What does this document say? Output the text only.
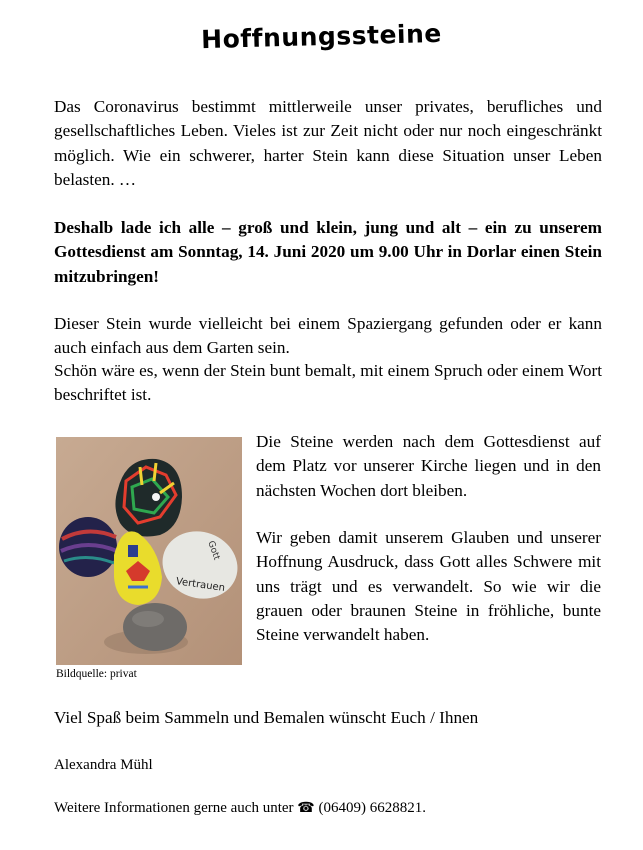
Hoffnungssteine
Das Coronavirus bestimmt mittlerweile unser privates, berufliches und gesellschaftliches Leben. Vieles ist zur Zeit nicht oder nur noch eingeschränkt möglich. Wie ein schwerer, harter Stein kann diese Situation unser Leben belasten. …
Deshalb lade ich alle – groß und klein, jung und alt – ein zu unserem Gottesdienst am Sonntag, 14. Juni 2020 um 9.00 Uhr in Dorlar einen Stein mitzubringen!
Dieser Stein wurde vielleicht bei einem Spaziergang gefunden oder er kann auch einfach aus dem Garten sein.
Schön wäre es, wenn der Stein bunt bemalt, mit einem Spruch oder einem Wort beschriftet ist.
Vertrauen
Gott
Bildquelle: privat
Die Steine werden nach dem Gottesdienst auf dem Platz vor unserer Kirche liegen und in den nächsten Wochen dort bleiben.
Wir geben damit unserem Glauben und unserer Hoffnung Ausdruck, dass Gott alles Schwere mit uns trägt und es verwandelt. So wie wir die grauen oder braunen Steine in fröhliche, bunte Steine verwandelt haben.
Viel Spaß beim Sammeln und Bemalen wünscht Euch / Ihnen
Alexandra Mühl
Weitere Informationen gerne auch unter ☎ (06409) 6628821.
